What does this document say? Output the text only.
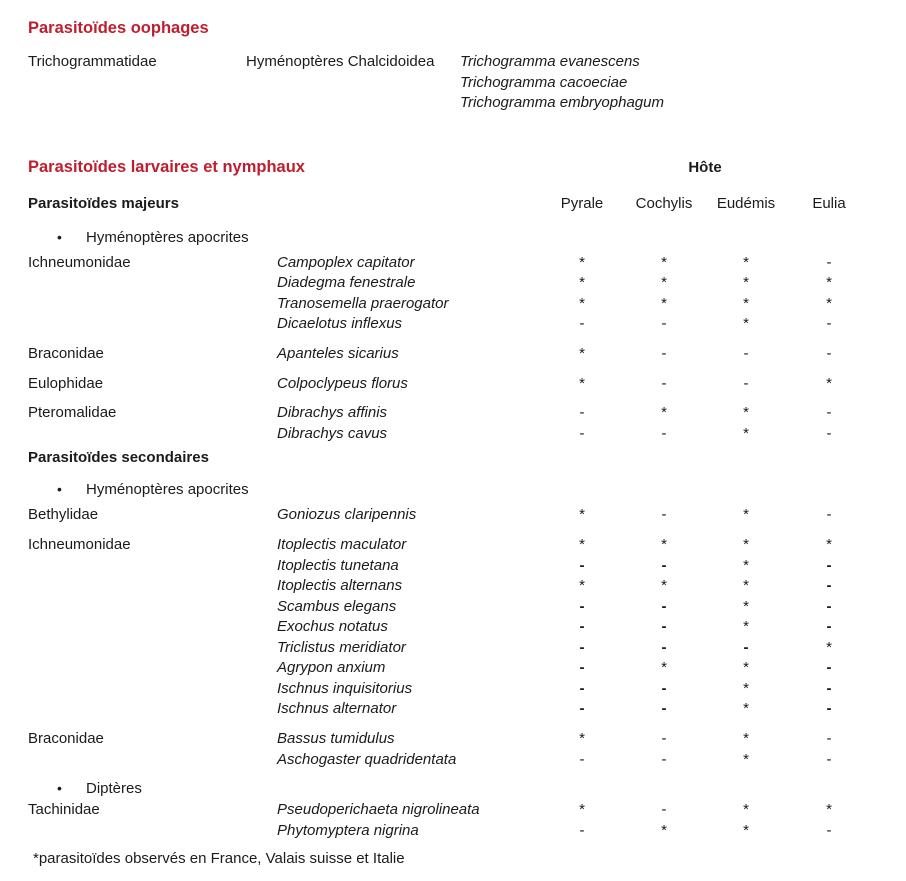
Parasitoïdes oophages
Trichogrammatidae	Hyménoptères Chalcidoidea Trichogramma evanescens
Trichogramma cacoeciae
Trichogramma embryophagum
Parasitoïdes larvaires et nymphaux	Hôte
Parasitoïdes majeurs	Pyrale	Cochylis	Eudémis	Eulia
• Hyménoptères apocrites
Ichneumonidae	Campoplex capitator	*	*	*	-
Diadegma fenestrale	*	*	*	*
Tranosemella praerogator	*	*	*	*
Dicaelotus inflexus	-	-	*	-
Braconidae	Apanteles sicarius	*	-	-	-
Eulophidae	Colpoclypeus florus	*	-	-	*
Pteromalidae	Dibrachys affinis	-	*	*	-
Dibrachys cavus	-	-	*	-
Parasitoïdes secondaires
• Hyménoptères apocrites
Bethylidae	Goniozus claripennis	*	-	*	-
Ichneumonidae	Itoplectis maculator	*	*	*	*
Itoplectis tunetana	-	-	*	-
Itoplectis alternans	*	*	*	-
Scambus elegans	-	-	*	-
Exochus notatus	-	-	*	-
Triclistus meridiator	-	-	-	*
Agrypon anxium	-	*	*	-
Ischnus inquisitorius	-	-	*	-
Ischnus alternator	-	-	*	-
Braconidae	Bassus tumidulus	*	-	*	-
Aschogaster quadridentata	-	-	*	-
• Diptères
Tachinidae	Pseudoperichaeta nigrolineata	*	-	*	*
Phytomyptera nigrina	-	*	*	-
*parasitoïdes observés en France, Valais suisse et Italie
